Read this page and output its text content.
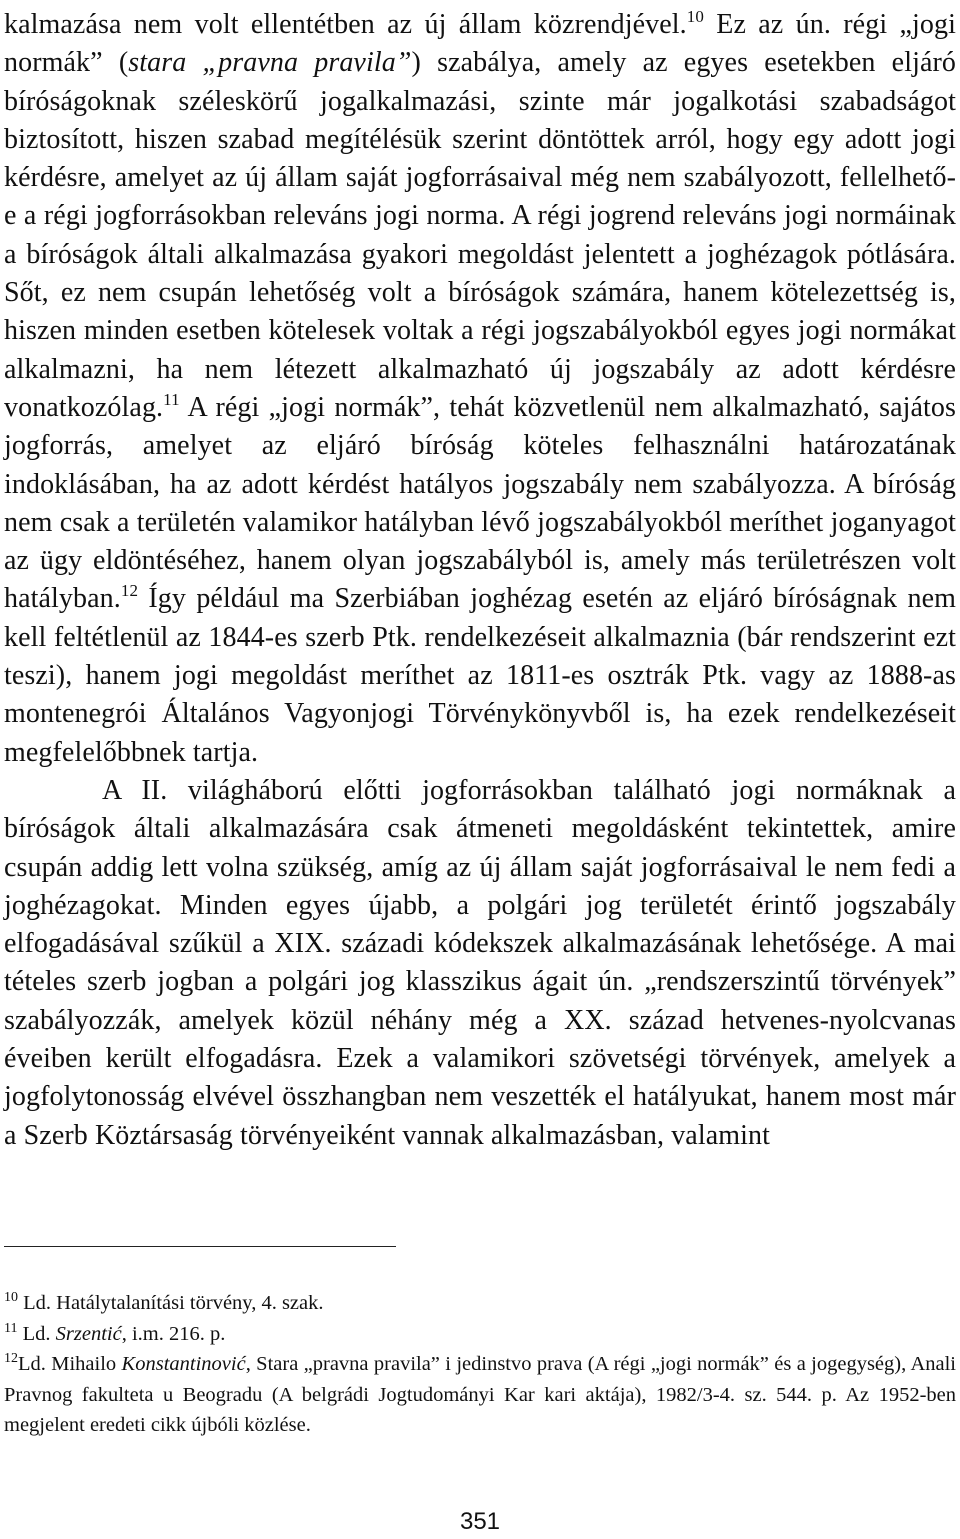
kalmazása nem volt ellentétben az új állam közrendjével.$^{10}$ Ez az ún. régi „jogi normák” (stara „pravna pravila”) szabálya, amely az egyes esetekben eljáró bíróságoknak széleskörű jogalkalmazási, szinte már jogalkotási szabadságot biztosított, hiszen szabad megítélésük szerint döntöttek arról, hogy egy adott jogi kérdésre, amelyet az új állam saját jogforrásaival még nem szabályozott, fellelhető-e a régi jogforrásokban releváns jogi norma. A régi jogrend releváns jogi normáinak a bíróságok általi alkalmazása gyakori megoldást jelentett a joghézagok pótlására. Sőt, ez nem csupán lehetőség volt a bíróságok számára, hanem kötelezettség is, hiszen minden esetben kötelesek voltak a régi jogszabályokból egyes jogi normákat alkalmazni, ha nem létezett alkalmazható új jogszabály az adott kérdésre vonatkozólag.$^{11}$ A régi „jogi normák”, tehát közvetlenül nem alkalmazható, sajátos jogforrás, amelyet az eljáró bíróság köteles felhasználni határozatának indoklásában, ha az adott kérdést hatályos jogszabály nem szabályozza. A bíróság nem csak a területén valamikor hatályban lévő jogszabályokból meríthet joganyagot az ügy eldöntéséhez, hanem olyan jogszabályból is, amely más területrészen volt hatályban.$^{12}$ Így például ma Szerbiában joghézag esetén az eljáró bíróságnak nem kell feltétlenül az 1844-es szerb Ptk. rendelkezéseit alkalmaznia (bár rendszerint ezt teszi), hanem jogi megoldást meríthet az 1811-es osztrák Ptk. vagy az 1888-as montenegrói Általános Vagyonjogi Törvénykönyvből is, ha ezek rendelkezéseit megfelelőbbnek tartja.

A II. világháború előtti jogforrásokban található jogi normáknak a bíróságok általi alkalmazására csak átmeneti megoldásként tekintettek, amire csupán addig lett volna szükség, amíg az új állam saját jogforrásaival le nem fedi a joghézagokat. Minden egyes újabb, a polgári jog területét érintő jogszabály elfogadásával szűkül a XIX. századi kódekszek alkalmazásának lehetősége. A mai tételes szerb jogban a polgári jog klasszikus ágait ún. „rendszerszintű törvények” szabályozzák, amelyek közül néhány még a XX. század hetvenes-nyolcvanas éveiben került elfogadásra. Ezek a valamikori szövetségi törvények, amelyek a jogfolytonosság elvével összhangban nem veszették el hatályukat, hanem most már a Szerb Köztársaság törvényeiként vannak alkalmazásban, valamint

$^{10}$ Ld. Hatálytalanítási törvény, 4. szak.

$^{11}$ Ld. Srzentić, i.m. 216. p.

$^{12}$Ld. Mihailo Konstantinović, Stara „pravna pravila” i jedinstvo prava (A régi „jogi normák” és a jogegység), Anali Pravnog fakulteta u Beogradu (A belgrádi Jogtudományi Kar kari aktája), 1982/3-4. sz. 544. p. Az 1952-ben megjelent eredeti cikk újbóli közlése.

351
